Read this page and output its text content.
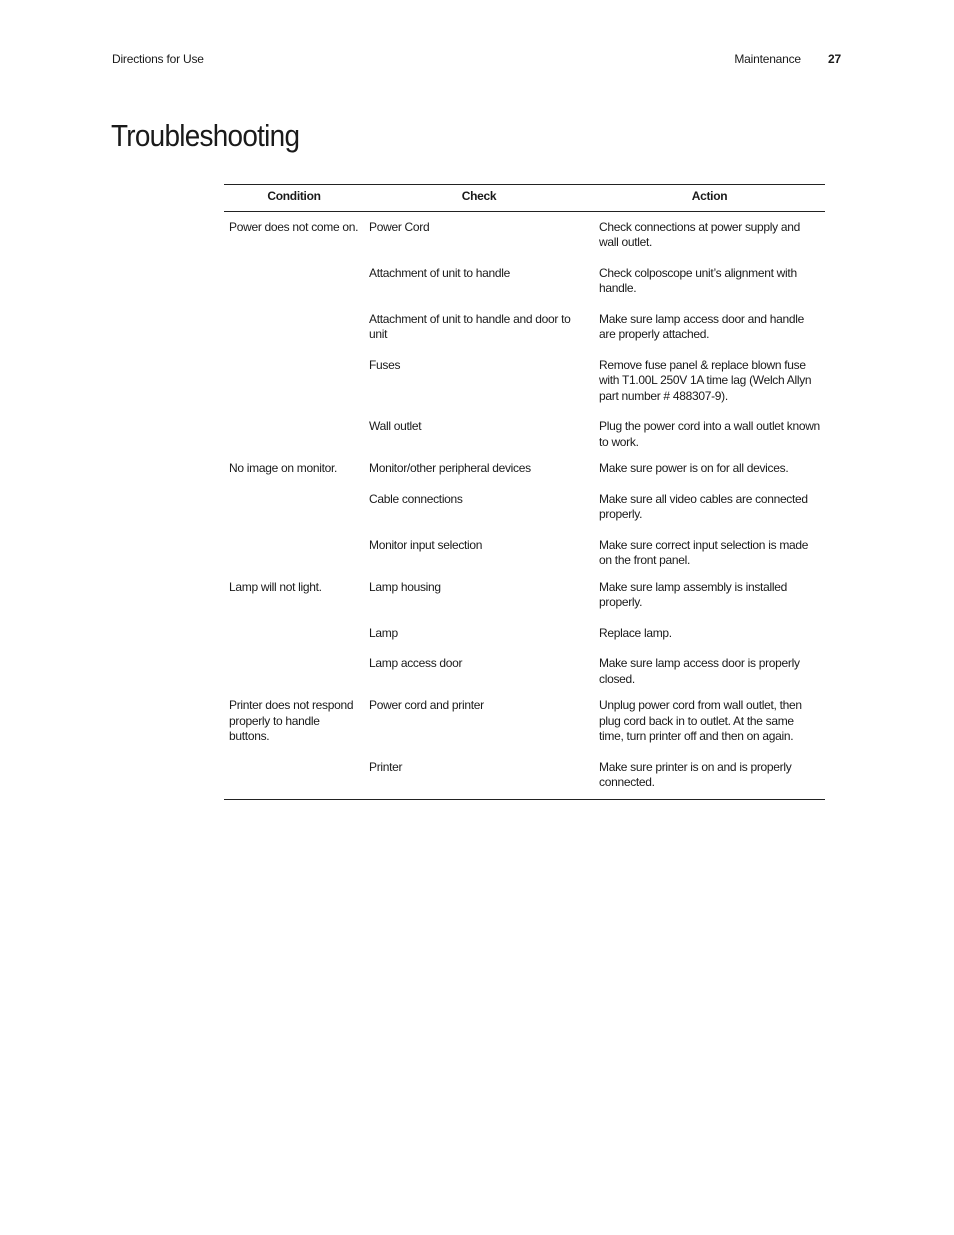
Directions for Use	Maintenance 27
Troubleshooting
Condition	Check	Action
Power does not come on.	Power Cord	Check connections at power supply and wall outlet.
	Attachment of unit to handle	Check colposcope unit’s alignment with handle.
	Attachment of unit to handle and door to unit	Make sure lamp access door and handle are properly attached.
	Fuses	Remove fuse panel & replace blown fuse with T1.00L 250V 1A time lag (Welch Allyn part number # 488307-9).
	Wall outlet	Plug the power cord into a wall outlet known to work.
No image on monitor.	Monitor/other peripheral devices	Make sure power is on for all devices.
	Cable connections	Make sure all video cables are connected properly.
	Monitor input selection	Make sure correct input selection is made on the front panel.
Lamp will not light.	Lamp housing	Make sure lamp assembly is installed properly.
	Lamp	Replace lamp.
	Lamp access door	Make sure lamp access door is properly closed.
Printer does not respond properly to handle buttons.	Power cord and printer	Unplug power cord from wall outlet, then plug cord back in to outlet. At the same time, turn printer off and then on again.
	Printer	Make sure printer is on and is properly connected.
